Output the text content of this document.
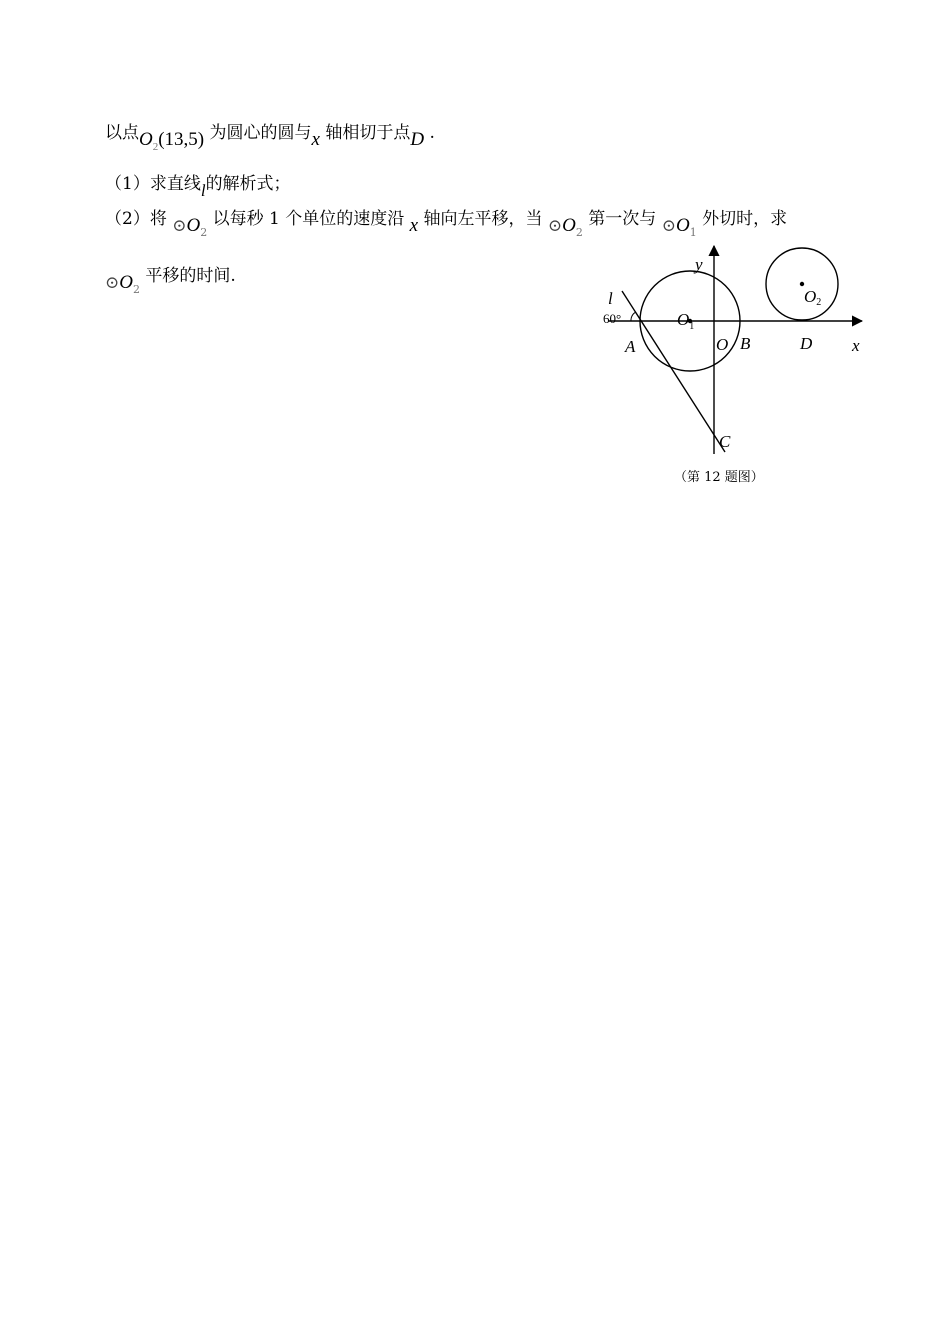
以点$O_2(13,5)$ 为圆心的圆与x 轴相切于点D .
（1）求直线l的解析式；
（2）将 $⊙O_2$ 以每秒 1 个单位的速度沿 x 轴向左平移，当 $⊙O_2$ 第一次与 $⊙O_1$ 外切时，求
$⊙O_2$ 平移的时间.
l
60°
y
x
A
$O_1$
O B	D
C
O2
（第 12 题图）
